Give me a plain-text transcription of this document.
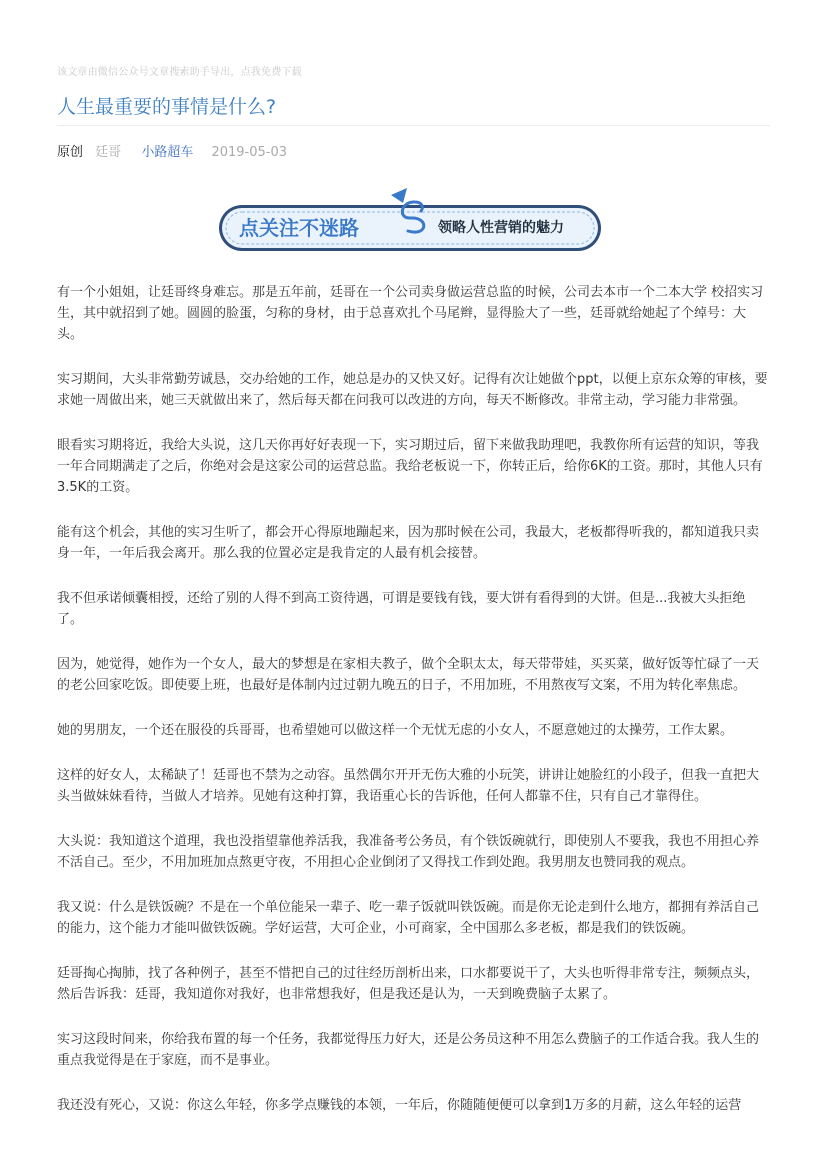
该文章由微信公众号文章搜索助手导出，点我免费下载
人生最重要的事情是什么?
原创 廷哥 小路超车 2019-05-03
点关注不迷路	领略人性营销的魅力

有一个小姐姐，让廷哥终身难忘。那是五年前，廷哥在一个公司卖身做运营总监的时候，公司去本市一个二本大学 校招实习生，其中就招到了她。圆圆的脸蛋，匀称的身材，由于总喜欢扎个马尾辫，显得脸大了一些，廷哥就给她起了个绰号：大头。

实习期间，大头非常勤劳诚恳，交办给她的工作，她总是办的又快又好。记得有次让她做个ppt，以便上京东众筹的审核，要求她一周做出来，她三天就做出来了，然后每天都在问我可以改进的方向，每天不断修改。非常主动，学习能力非常强。

眼看实习期将近，我给大头说，这几天你再好好表现一下，实习期过后，留下来做我助理吧，我教你所有运营的知识，等我一年合同期满走了之后，你绝对会是这家公司的运营总监。我给老板说一下，你转正后，给你6K的工资。那时，其他人只有3.5K的工资。

能有这个机会，其他的实习生听了，都会开心得原地蹦起来，因为那时候在公司，我最大，老板都得听我的，都知道我只卖身一年，一年后我会离开。那么我的位置必定是我肯定的人最有机会接替。

我不但承诺倾囊相授，还给了别的人得不到高工资待遇，可谓是要钱有钱，要大饼有看得到的大饼。但是...我被大头拒绝了。

因为，她觉得，她作为一个女人，最大的梦想是在家相夫教子，做个全职太太，每天带带娃，买买菜，做好饭等忙碌了一天的老公回家吃饭。即使要上班，也最好是体制内过过朝九晚五的日子，不用加班，不用熬夜写文案，不用为转化率焦虑。

她的男朋友，一个还在服役的兵哥哥，也希望她可以做这样一个无忧无虑的小女人，不愿意她过的太操劳，工作太累。

这样的好女人，太稀缺了！廷哥也不禁为之动容。虽然偶尔开开无伤大雅的小玩笑，讲讲让她脸红的小段子，但我一直把大头当做妹妹看待，当做人才培养。见她有这种打算，我语重心长的告诉他，任何人都靠不住，只有自己才靠得住。

大头说：我知道这个道理，我也没指望靠他养活我，我准备考公务员，有个铁饭碗就行，即使别人不要我，我也不用担心养不活自己。至少，不用加班加点熬更守夜，不用担心企业倒闭了又得找工作到处跑。我男朋友也赞同我的观点。

我又说：什么是铁饭碗？不是在一个单位能呆一辈子、吃一辈子饭就叫铁饭碗。而是你无论走到什么地方，都拥有养活自己的能力，这个能力才能叫做铁饭碗。学好运营，大可企业，小可商家，全中国那么多老板，都是我们的铁饭碗。

廷哥掏心掏肺，找了各种例子，甚至不惜把自己的过往经历剖析出来，口水都要说干了，大头也听得非常专注，频频点头，然后告诉我：廷哥，我知道你对我好，也非常想我好，但是我还是认为，一天到晚费脑子太累了。

实习这段时间来，你给我布置的每一个任务，我都觉得压力好大，还是公务员这种不用怎么费脑子的工作适合我。我人生的重点我觉得是在于家庭，而不是事业。

我还没有死心，又说：你这么年轻，你多学点赚钱的本领，一年后，你随随便便可以拿到1万多的月薪，这么年轻的运营
